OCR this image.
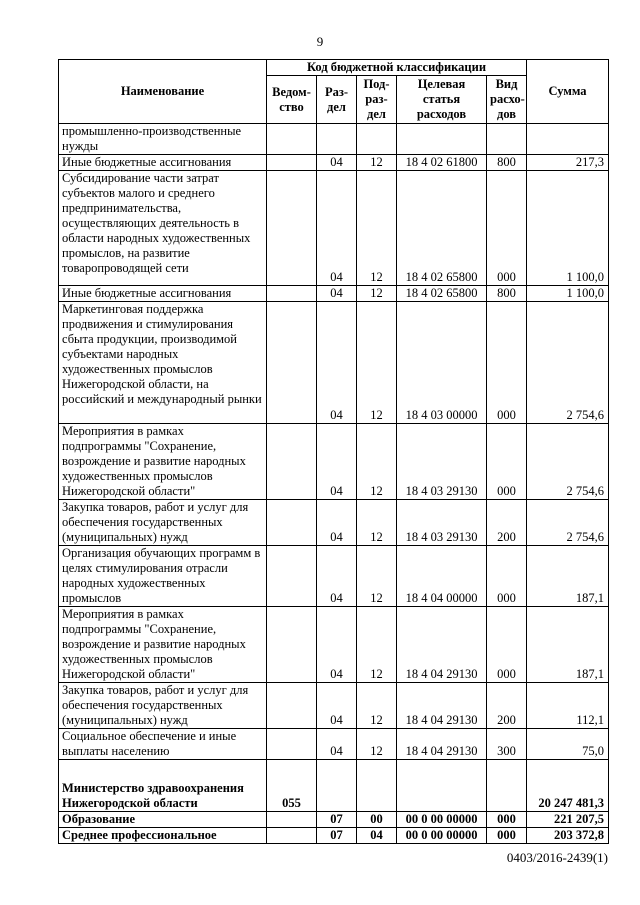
9
Наименование	Код бюджетной классификации					Сумма
	Ведом-ство	Раз-дел	Под-раз-дел	Целевая статья расходов	Вид расхо-дов	
промышленно-производственные нужды						
Иные бюджетные ассигнования		04	12	18 4 02 61800	800	217,3
Субсидирование части затрат субъектов малого и среднего предпринимательства, осуществляющих деятельность в области народных художественных промыслов, на развитие товаропроводящей сети		04	12	18 4 02 65800	000	1 100,0
Иные бюджетные ассигнования		04	12	18 4 02 65800	800	1 100,0
Маркетинговая поддержка продвижения и стимулирования сбыта продукции, производимой субъектами народных художественных промыслов Нижегородской области, на российский и международный рынки		04	12	18 4 03 00000	000	2 754,6
Мероприятия в рамках подпрограммы "Сохранение, возрождение и развитие народных художественных промыслов Нижегородской области"		04	12	18 4 03 29130	000	2 754,6
Закупка товаров, работ и услуг для обеспечения государственных (муниципальных) нужд		04	12	18 4 03 29130	200	2 754,6
Организация обучающих программ в целях стимулирования отрасли народных художественных промыслов		04	12	18 4 04 00000	000	187,1
Мероприятия в рамках подпрограммы "Сохранение, возрождение и развитие народных художественных промыслов Нижегородской области"		04	12	18 4 04 29130	000	187,1
Закупка товаров, работ и услуг для обеспечения государственных (муниципальных) нужд		04	12	18 4 04 29130	200	112,1
Социальное обеспечение и иные выплаты населению		04	12	18 4 04 29130	300	75,0
Министерство здравоохранения Нижегородской области	055					20 247 481,3
Образование		07	00	00 0 00 00000	000	221 207,5
Среднее профессиональное		07	04	00 0 00 00000	000	203 372,8
0403/2016-2439(1)
